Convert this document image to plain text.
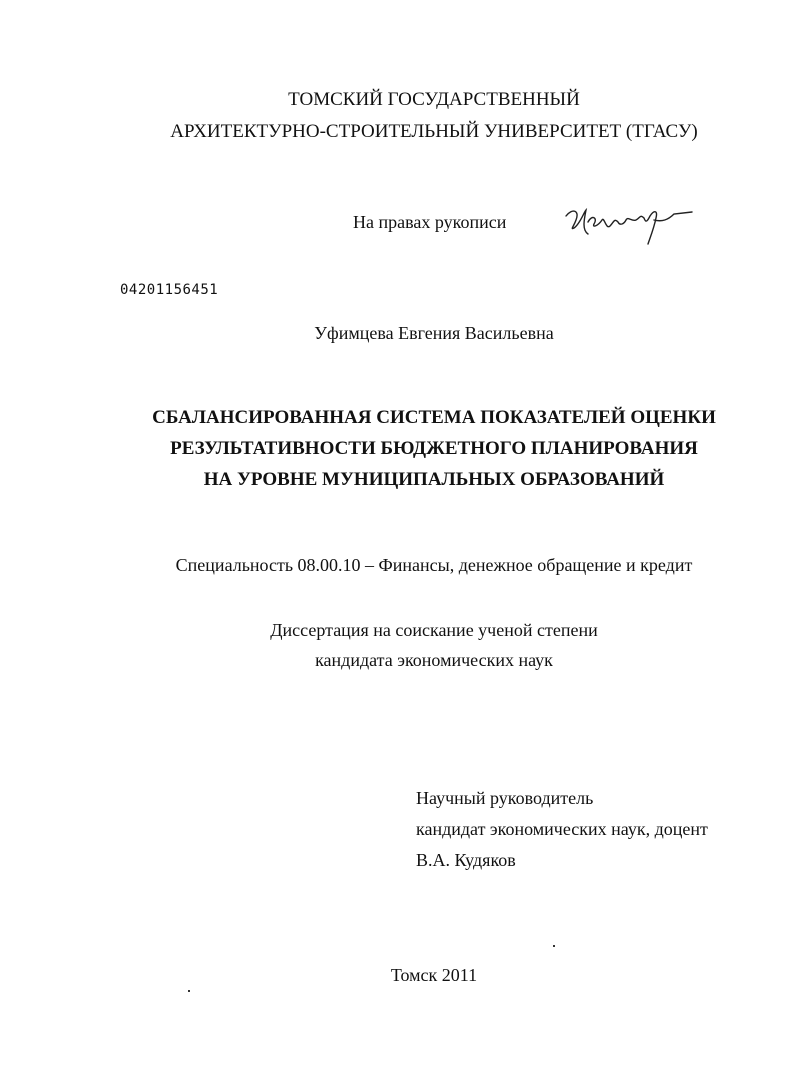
ТОМСКИЙ ГОСУДАРСТВЕННЫЙ
АРХИТЕКТУРНО-СТРОИТЕЛЬНЫЙ УНИВЕРСИТЕТ (ТГАСУ)
На правах рукописи
04201156451
Уфимцева Евгения Васильевна
СБАЛАНСИРОВАННАЯ СИСТЕМА ПОКАЗАТЕЛЕЙ ОЦЕНКИ
РЕЗУЛЬТАТИВНОСТИ БЮДЖЕТНОГО ПЛАНИРОВАНИЯ
НА УРОВНЕ МУНИЦИПАЛЬНЫХ ОБРАЗОВАНИЙ
Специальность 08.00.10 – Финансы, денежное обращение и кредит
Диссертация на соискание ученой степени
кандидата экономических наук
Научный руководитель
кандидат экономических наук, доцент
В.А. Кудяков
Томск 2011
